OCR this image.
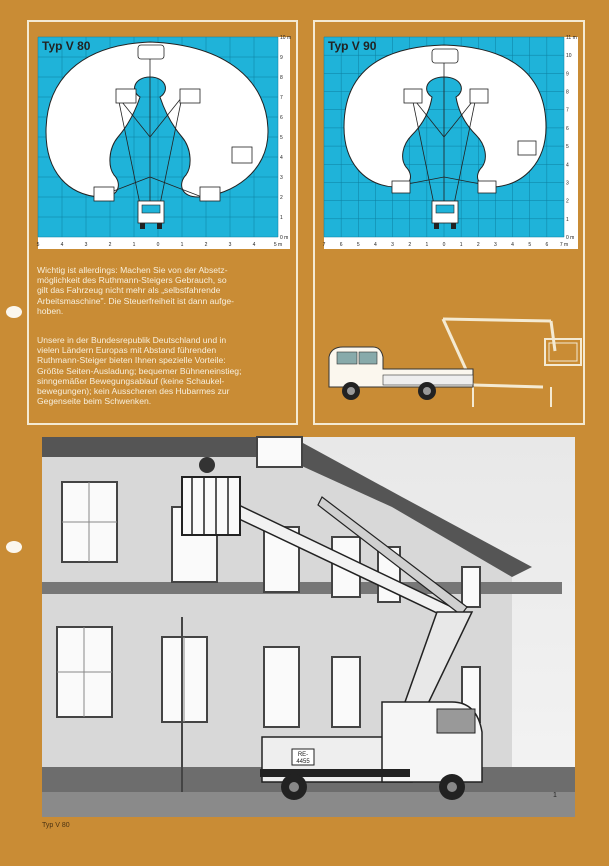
10 m
9
8
7
6
5
4
3
2
1
0 m
5	4	3	2	1	0	1	2	3	4	5 m
Typ V 80
Wichtig ist allerdings: Machen Sie von der Absetz-
möglichkeit des Ruthmann-Steigers Gebrauch, so
gilt das Fahrzeug nicht mehr als „selbstfahrende
Arbeitsmaschine". Die Steuerfreiheit ist dann aufge-
hoben.
Unsere in der Bundesrepublik Deutschland und in
vielen Ländern Europas mit Abstand führenden
Ruthmann-Steiger bieten Ihnen spezielle Vorteile:
Größte Seiten-Ausladung; bequemer Bühneneinstieg;
sinngemäßer Bewegungsablauf (keine Schaukel-
bewegungen); kein Ausscheren des Hubarmes zur
Gegenseite beim Schwenken.
11 m
10
9
8
7
6
5
4
3
2
1
0 m
7	6	5	4	3	2	1	0	1	2	3	4	5	6 7 m
Typ V 90
RE-4455
1
Typ V 80
